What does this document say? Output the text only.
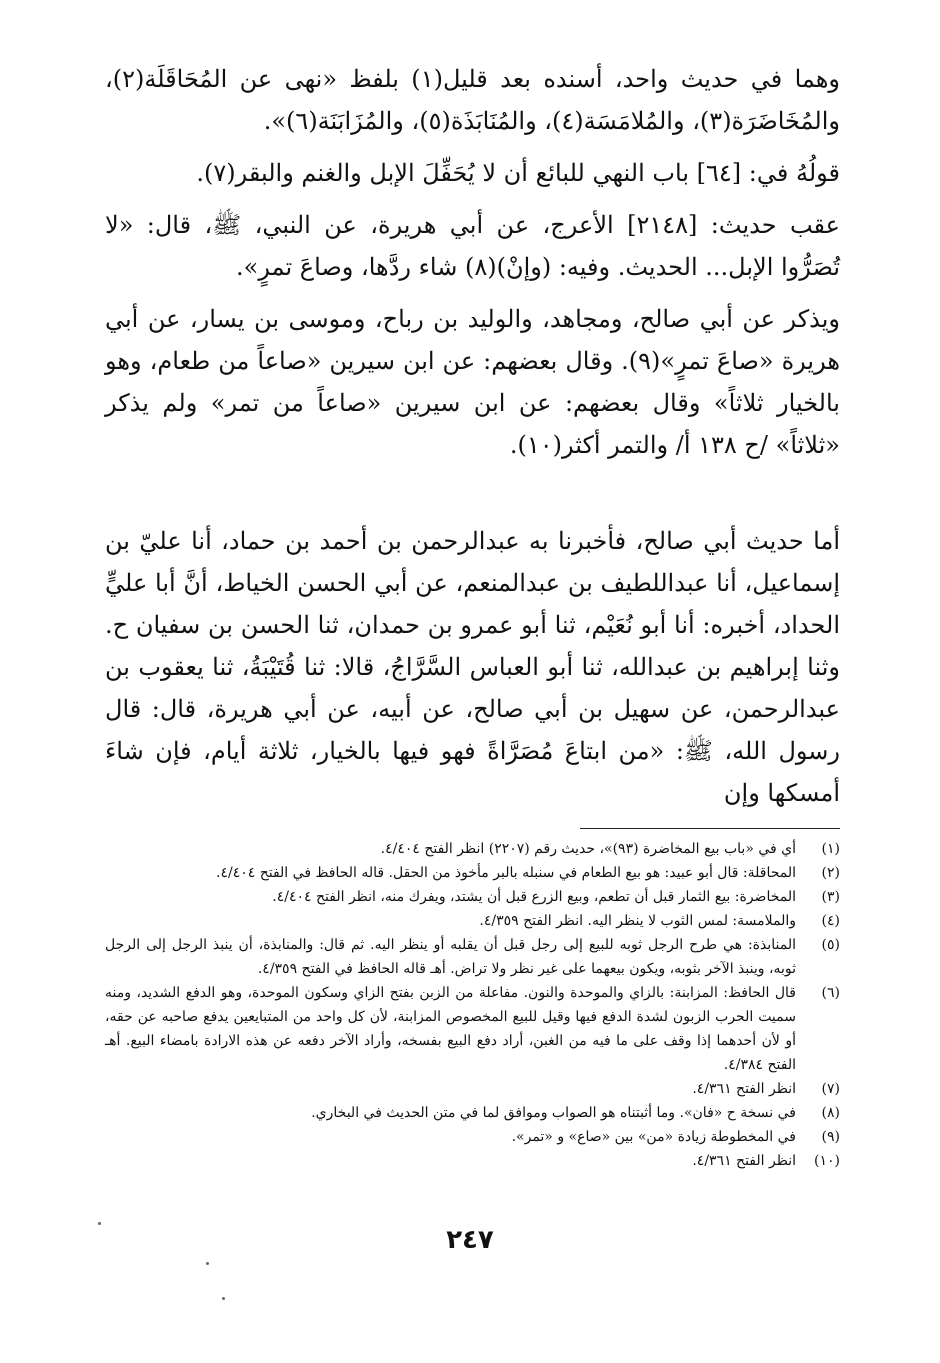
وهما في حديث واحد، أسنده بعد قليل(١) بلفظ «نهى عن المُحَاقَلَة(٢)، والمُخَاضَرَة(٣)، والمُلامَسَة(٤)، والمُنَابَذَة(٥)، والمُزَابَنَة(٦)».

قولُهُ في: [٦٤] باب النهي للبائع أن لا يُحَفِّلَ الإبل والغنم والبقر(٧).

عقب حديث: [٢١٤٨] الأعرج، عن أبي هريرة، عن النبي، ﷺ، قال: «لا تُصَرُّوا الإبل... الحديث. وفيه: (وإنْ)(٨) شاء ردَّها، وصاعَ تمرٍ».

ويذكر عن أبي صالح، ومجاهد، والوليد بن رباح، وموسى بن يسار، عن أبي هريرة «صاعَ تمرٍ»(٩). وقال بعضهم: عن ابن سيرين «صاعاً من طعام، وهو بالخيار ثلاثاً» وقال بعضهم: عن ابن سيرين «صاعاً من تمر» ولم يذكر «ثلاثاً» /ح ١٣٨ أ/ والتمر أكثر(١٠).

أما حديث أبي صالح، فأخبرنا به عبدالرحمن بن أحمد بن حماد، أنا عليّ بن إسماعيل، أنا عبداللطيف بن عبدالمنعم، عن أبي الحسن الخياط، أنَّ أبا عليٍّ الحداد، أخبره: أنا أبو نُعَيْم، ثنا أبو عمرو بن حمدان، ثنا الحسن بن سفيان ح. وثنا إبراهيم بن عبدالله، ثنا أبو العباس السَّرَّاجُ، قالا: ثنا قُتَيْبَةُ، ثنا يعقوب بن عبدالرحمن، عن سهيل بن أبي صالح، عن أبيه، عن أبي هريرة، قال: قال رسول الله، ﷺ: «من ابتاعَ مُصَرَّاةً فهو فيها بالخيار، ثلاثة أيام، فإن شاءَ أمسكها وإن

(١)
أي في «باب بيع المخاضرة (٩٣)»، حديث رقم (٢٢٠٧) انظر الفتح ٤/٤٠٤.
(٢)
المحاقلة: قال أبو عبيد: هو بيع الطعام في سنبله بالبر مأخوذ من الحقل. قاله الحافظ في الفتح ٤/٤٠٤.
(٣)
المخاضرة: بيع الثمار قبل أن تطعم، وبيع الزرع قبل أن يشتد، ويفرك منه، انظر الفتح ٤/٤٠٤.
(٤)
والملامسة: لمس الثوب لا ينظر اليه. انظر الفتح ٤/٣٥٩.
(٥)
المنابذة: هي طرح الرجل ثوبه للبيع إلى رجل قبل أن يقلبه أو ينظر اليه. ثم قال: والمنابذة، أن ينبذ الرجل إلى الرجل ثوبه، وينبذ الآخر بثوبه، ويكون بيعهما على غير نظر ولا تراض. أهـ قاله الحافظ في الفتح ٤/٣٥٩.
(٦)
قال الحافظ: المزابنة: بالزاي والموحدة والنون. مفاعلة من الزبن بفتح الزاي وسكون الموحدة، وهو الدفع الشديد، ومنه سميت الحرب الزبون لشدة الدفع فيها وقيل للبيع المخصوص المزابنة، لأن كل واحد من المتبايعين يدفع صاحبه عن حقه، أو لأن أحدهما إذا وقف على ما فيه من الغبن، أراد دفع البيع بفسخه، وأراد الآخر دفعه عن هذه الارادة بامضاء البيع. أهـ الفتح ٤/٣٨٤.
(٧)
انظر الفتح ٤/٣٦١.
(٨)
في نسخة ح «فان». وما أثبتناه هو الصواب وموافق لما في متن الحديث في البخاري.
(٩)
في المخطوطة زيادة «من» بين «صاع» و «تمر».
(١٠)
انظر الفتح ٤/٣٦١.
٢٤٧
